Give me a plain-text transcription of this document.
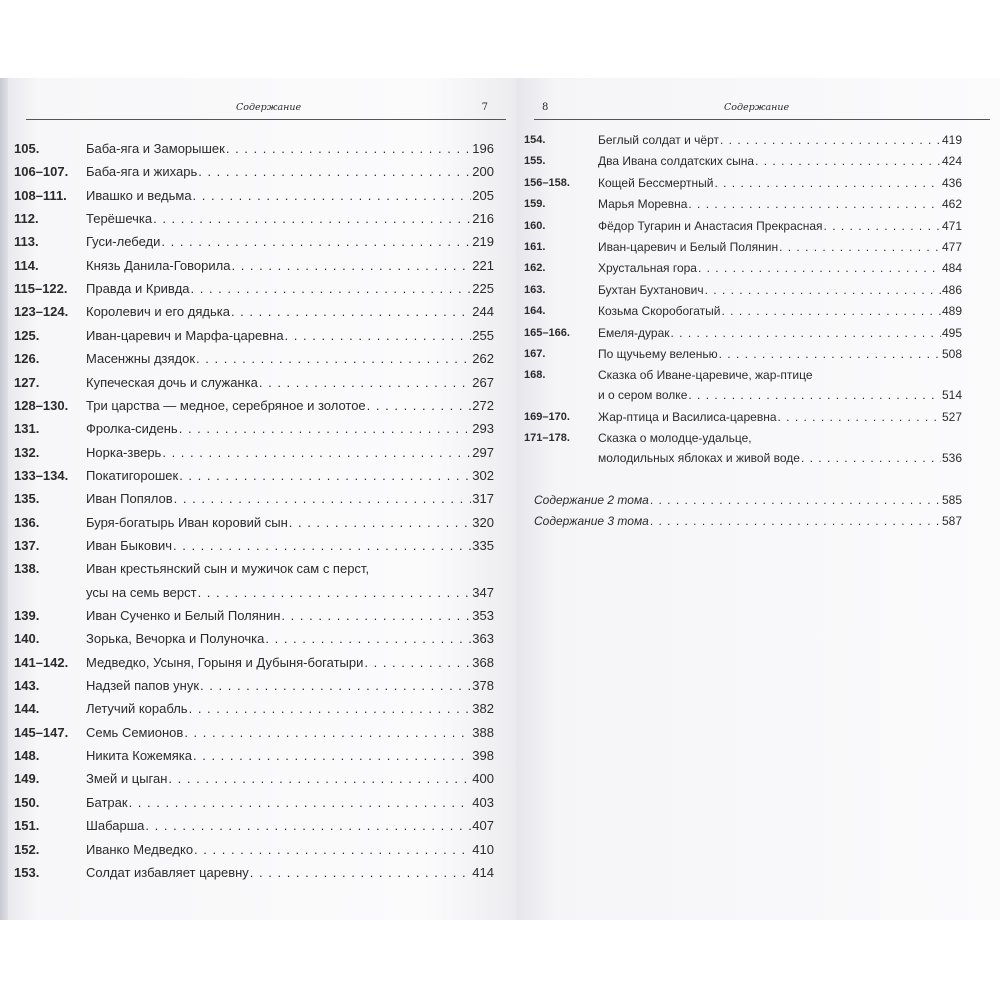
Содержание	7
105.	Баба-яга и Заморышек . . .	196
106–107. Баба-яга и жихарь . . .	200
108–111. Ивашко и ведьма . . .	205
112.	Терёшечка . . .	216
113.	Гуси-лебеди . . .	219
114.	Князь Данила-Говорила . . .	221
115–122. Правда и Кривда . . .	225
123–124. Королевич и его дядька . . .	244
125.	Иван-царевич и Марфа-царевна . . .	255
126.	Масенжны дзядок . . .	262
127.	Купеческая дочь и служанка . . .	267
128–130. Три царства — медное, серебряное и золотое . . .	272
131.	Фролка-сидень . . .	293
132.	Норка-зверь . . .	297
133–134. Покатигорошек . . .	302
135.	Иван Попялов . . .	317
136.	Буря-богатырь Иван коровий сын . . .	320
137.	Иван Быкович . . .	335
138.	Иван крестьянский сын и мужичок сам с перст,
усы на семь верст . . .	347
139.	Иван Сученко и Белый Полянин . . .	353
140.	Зорька, Вечорка и Полуночка . . .	363
141–142. Медведко, Усыня, Горыня и Дубыня-богатыри . . .	368
143.	Надзей папов унук . . .	378
144.	Летучий корабль . . .	382
145–147. Семь Семионов . . .	388
148.	Никита Кожемяка . . .	398
149.	Змей и цыган . . .	400
150.	Батрак . . .	403
151.	Шабарша . . .	407
152.	Иванко Медведко . . .	410
153.	Солдат избавляет царевну . . .	414
8	Содержание
154.	Беглый солдат и чёрт . . .	419
155.	Два Ивана солдатских сына . . .	424
156–158. Кощей Бессмертный . . .	436
159.	Марья Моревна . . .	462
160.	Фёдор Тугарин и Анастасия Прекрасная . . .	471
161.	Иван-царевич и Белый Полянин . . .	477
162.	Хрустальная гора . . .	484
163.	Бухтан Бухтанович . . .	486
164.	Козьма Скоробогатый . . .	489
165–166. Емеля-дурак . . .	495
167.	По щучьему веленью . . .	508
168.	Сказка об Иване-царевиче, жар-птице
и о сером волке . . .	514
169–170. Жар-птица и Василиса-царевна . . .	527
171–178. Сказка о молодце-удальце,
молодильных яблоках и живой воде . . .	536
Содержание 2 тома . . .	585
Содержание 3 тома . . .	587
